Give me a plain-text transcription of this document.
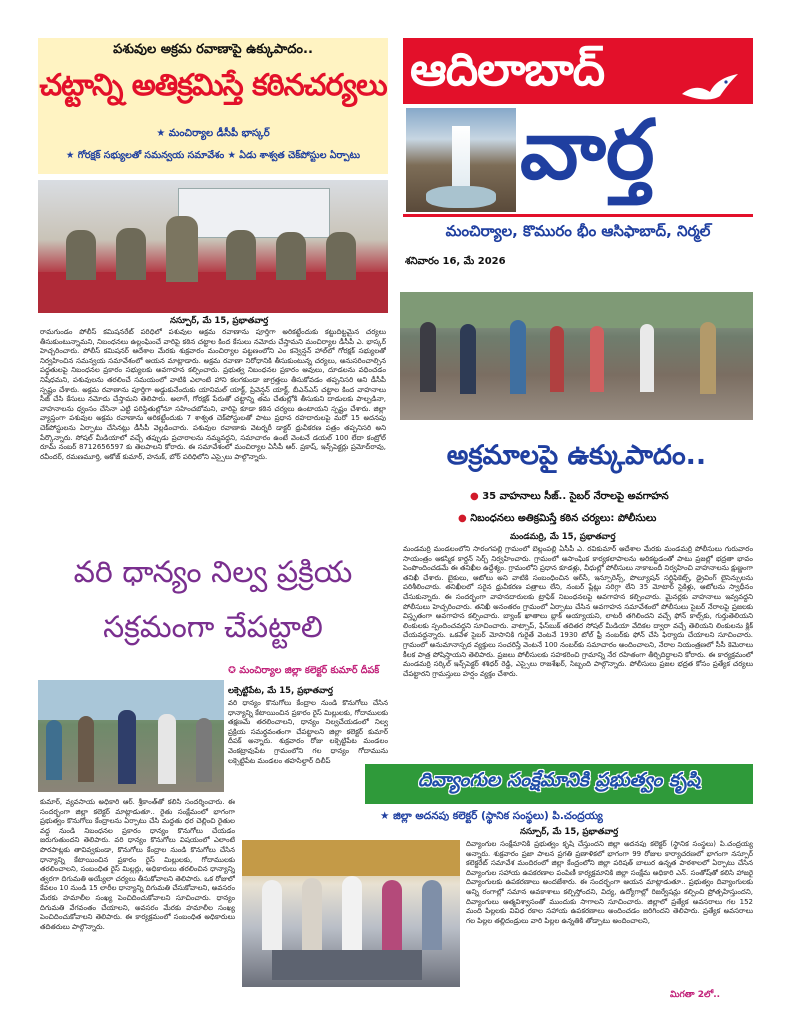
పశువుల అక్రమ రవాణాపై ఉక్కుపాదం..
చట్టాన్ని అతిక్రమిస్తే కఠినచర్యలు
★ మంచిర్యాల డీసీపీ భాస్కర్
★ గోరక్షక్ సభ్యులతో సమన్వయ సమావేశం ★ ఏడు శాశ్వత చెక్‌పోస్టుల ఏర్పాటు
నస్పూర్, మే 15, ప్రభాతవార్త
రామగుండం పోలీస్ కమిషనరేట్ పరిధిలో పశువుల అక్రమ రవాణాను పూర్తిగా అరికట్టేందుకు కట్టుదిట్టమైన చర్యలు తీసుకుంటున్నామని, నిబంధనలు ఉల్లంఘించే వారిపై కఠిన చట్టాల కింద కేసులు నమోదు చేస్తామని మంచిర్యాల డీసీపీ ఎ. భాస్కర్ హెచ్చరించారు. పోలీస్ కమిషనర్ ఆదేశాల మేరకు శుక్రవారం మంచిర్యాల పట్టణంలోని ఎం కన్వెన్షన్ హాల్‌లో గోరక్షక్ సభ్యులతో నిర్వహించిన సమన్వయ సమావేశంలో ఆయన మాట్లాడారు. అక్రమ రవాణా నిరోధానికి తీసుకుంటున్న చర్యలు, అనుసరించాల్సిన పద్ధతులపై నిబంధనల ప్రకారం సభ్యులకు అవగాహన కల్పించారు. ప్రభుత్వ నిబంధనల ప్రకారం ఆవులు, దూడలను వధించడం నిషేధమని, పశువులను తరలించే సమయంలో వాటికి ఎలాంటి హాని కలగకుండా జాగ్రత్తలు తీసుకోవడం తప్పనిసరి అని డీసీపీ స్పష్టం చేశారు. అక్రమ రవాణాను పూర్తిగా అడ్డుకునేందుకు యానిమల్ యాక్ట్, ప్రివెన్షన్ యాక్ట్, బీఎన్ఎస్ చట్టాల కింద వాహనాలు సీజ్ చేసి కేసులు నమోదు చేస్తామని తెలిపారు. అలాగే, గోరక్షక్ పేరుతో చట్టాన్ని తమ చేతుల్లోకి తీసుకుని దాడులకు పాల్పడినా, వాహనాలను ధ్వంసం చేసినా ఎట్టి పరిస్థితుల్లోనూ సహించబోమని, వారిపై కూడా కఠిన చర్యలు ఉంటాయని స్పష్టం చేశారు. జిల్లా వ్యాప్తంగా పశువుల అక్రమ రవాణాను అరికట్టేందుకు 7 శాశ్వత చెక్‌పోస్టులతో పాటు ప్రధాన రహదారులపై మరో 15 అదనపు చెక్‌పోస్టులను ఏర్పాటు చేసినట్లు డీసీపీ వెల్లడించారు. పశువుల రవాణాకు వెటర్నరీ డాక్టర్ ధ్రువీకరణ పత్రం తప్పనిసరి అని పేర్కొన్నారు. సోషల్ మీడియాలో వచ్చే తప్పుడు ప్రచారాలను నమ్మవద్దని, సమాచారం ఉంటే వెంటనే డయల్ 100 లేదా కంట్రోల్ రూమ్ నంబర్ 8712656597 కు తెలపాలని కోరారు. ఈ సమావేశంలో మంచిర్యాల ఏసీపీ ఆర్. ప్రకాష్, ఇన్స్‌పెక్టర్లు ప్రమోద్‌రావు, రవీందర్, రమణమూర్తి, ఆకోజ్ కుమార్, హనుక్, బోర్ పరిధిలోని ఎస్సైలు పాల్గొన్నారు.
ఆదిలాబాద్
వార్త
మంచిర్యాల, కొమురం భీం ఆసిఫాబాద్, నిర్మల్
శనివారం 16, మే 2026
అక్రమాలపై ఉక్కుపాదం..
● 35 వాహనాలు సీజ్.. సైబర్ నేరాలపై అవగాహన
● నిబంధనలు అతిక్రమిస్తే కఠిన చర్యలు: పోలీసులు
మండమర్రి, మే 15, ప్రభాతవార్త
మండమర్రి మండలంలోని సారంగపల్లి గ్రామంలో బెల్లంపల్లి ఏసీపీ ఎ. రవికుమార్ ఆదేశాల మేరకు మండమర్రి పోలీసులు గురువారం సాయంత్రం ఆకస్మిక కార్డన్ సెర్చ్ నిర్వహించారు. గ్రామంలో అసాంఘిక కార్యకలాపాలను అరికట్టడంతో పాటు ప్రజల్లో భద్రతా భావం పెంపొందించడమే ఈ తనిఖీల ఉద్దేశ్యం. గ్రామంలోని ప్రధాన కూడళ్లు, వీధుల్లో పోలీసులు నాకాబందీ నిర్వహించి వాహనాలను క్షుణ్ణంగా తనిఖీ చేశారు. బైకులు, ఆటోలు అని వాటికి సంబంధించిన ఆర్‌సీ, ఇన్సూరెన్స్, పొల్యూషన్ సర్టిఫికెట్స్, డ్రైవింగ్ లైసెన్సులను పరిశీలించారు. తనిఖీలలో సరైన ధ్రువీకరణ పత్రాలు లేని, నంబర్ ప్లేట్లు సరిగ్గా లేని 35 మోటార్ సైకిళ్లు, ఆటోలను స్వాధీనం చేసుకున్నారు. ఈ సందర్భంగా వాహనదారులకు ట్రాఫిక్ నిబంధనలపై అవగాహన కల్పించారు. మైనర్లకు వాహనాలు ఇవ్వవద్దని పోలీసులు హెచ్చరించారు. తనిఖీ అనంతరం గ్రామంలో ఏర్పాటు చేసిన అవగాహన సమావేశంలో పోలీసులు సైబర్ నేరాలపై ప్రజలకు విస్తృతంగా అవగాహన కల్పించారు. బ్యాంక్ ఖాతాలు బ్లాక్ అయ్యాయని, లాటరీ తగిలిందని వచ్చే ఫోన్ కాల్స్‌కు, గుర్తుతెలియని లింకులకు స్పందించవద్దని సూచించారు. వాట్సాప్, ఫేస్‌బుక్ తదితర సోషల్ మీడియా వేదికల ద్వారా వచ్చే తెలియని లింకులను క్లిక్ చేయవద్దన్నారు. ఒకవేళ సైబర్ మోసానికి గురైతే వెంటనే 1930 టోల్ ఫ్రీ నంబర్‌కు ఫోన్ చేసి ఫిర్యాదు చేయాలని సూచించారు. గ్రామంలో అనుమానాస్పద వ్యక్తులు సంచరిస్తే వెంటనే 100 నంబర్‌కు సమాచారం అందించాలని, నేరాల నియంత్రణలో సీసీ కెమెరాలు కీలక పాత్ర పోషిస్తాయని తెలిపారు. ప్రజలు పోలీసులకు సహకరించి గ్రామాన్ని నేర రహితంగా తీర్చిదిద్దాలని కోరారు. ఈ కార్యక్రమంలో మండమర్రి సర్కిల్ ఇన్స్‌పెక్టర్ శశిధర్ రెడ్డి, ఎస్సైలు రాజశేఖర్, సిబ్బంది పాల్గొన్నారు. పోలీసులు ప్రజల భద్రత కోసం ప్రత్యేక చర్యలు చేపట్టారని గ్రామస్తులు హర్షం వ్యక్తం చేశారు.
వరి ధాన్యం నిల్వ ప్రక్రియ
సక్రమంగా చేపట్టాలి
✪ మంచిర్యాల జిల్లా కలెక్టర్ కుమార్ దీపక్
లక్సెట్టిపేట, మే 15, ప్రభాతవార్త
వరి ధాన్యం కొనుగోలు కేంద్రాల నుండి కొనుగోలు చేసిన ధాన్యాన్ని కేటాయించిన ప్రకారం రైస్ మిల్లులకు, గోదాములకు తక్షణమే తరలించాలని, ధాన్యం నిల్వచేయడంలో నిల్వ ప్రక్రియ సమర్థవంతంగా చేపట్టాలని జిల్లా కలెక్టర్ కుమార్ దీపక్ అన్నారు. శుక్రవారం రోజు లక్సెట్టిపేట మండలం వెంకట్రావుపేట గ్రామంలోని గల ధాన్యం గోదామును లక్సెట్టిపేట మండలం తహసిల్దార్ దిలీప్
కుమార్, వ్యవసాయ అధికారి ఆర్. శ్రీకాంత్‌తో కలిసి సందర్శించారు. ఈ సందర్భంగా జిల్లా కలెక్టర్ మాట్లాడుతూ.. రైతు సంక్షేమంలో భాగంగా ప్రభుత్వం కొనుగోలు కేంద్రాలను ఏర్పాటు చేసి మద్దతు ధర చెల్లించి రైతుల వద్ద నుండి నిబంధనల ప్రకారం ధాన్యం కొనుగోలు చేయడం జరుగుతుందని తెలిపారు. వరి ధాన్యం కొనుగోలు విషయంలో ఎలాంటి పొరపాట్లకు తావివ్వకుండా, కొనుగోలు కేంద్రాల నుండి కొనుగోలు చేసిన ధాన్యాన్ని కేటాయించిన ప్రకారం రైస్ మిల్లులకు, గోదాములకు తరలించాలని, సంబంధిత రైస్ మిల్లర్లు, అధికారులు తరలించిన ధాన్యాన్ని త్వరగా దిగుమతి అయ్యేలా చర్యలు తీసుకోవాలని తెలిపారు. ఒక రోజులో కేవలం 10 నుండి 15 లారీల ధాన్యాన్ని దిగుమతి చేసుకోవాలని, అవసరం మేరకు హమాలీల సంఖ్య పెంచిదించుకోవాలని సూచించారు. ధాన్యం దిగుమతి వేగవంతం చేయాలని, అవసరం మేరకు హమాలీల సంఖ్య పెంచిదించుకోవాలని తెలిపారు. ఈ కార్యక్రమంలో సంబంధిత అధికారులు తదితరులు పాల్గొన్నారు.
దివ్యాంగుల సంక్షేమానికి ప్రభుత్వం కృషి
★ జిల్లా అదనపు కలెక్టర్ (స్థానిక సంస్థలు) పి.చంద్రయ్య
నస్పూర్, మే 15, ప్రభాతవార్త
దివ్యాంగుల సంక్షేమానికి ప్రభుత్వం కృషి చేస్తుందని జిల్లా అదనపు కలెక్టర్ (స్థానిక సంస్థలు) పి.చంద్రయ్య అన్నారు. శుక్రవారం ప్రజా పాలన ప్రగతి ప్రణాళికలో భాగంగా 99 రోజుల కార్యాచరణలో భాగంగా నస్పూర్ కలెక్టరేట్ సమావేశ మందిరంలో జిల్లా కేంద్రంలోని జిల్లా పరిషత్ బాలుర ఉన్నత పాఠశాలలో ఏర్పాటు చేసిన దివ్యాంగుల సహాయ ఉపకరణాల పంపిణీ కార్యక్రమానికి జిల్లా సంక్షేమ అధికారి ఎన్. సంతోష్‌తో కలిసి హాజరై దివ్యాంగులకు ఉపకరణాలు అందజేశారు. ఈ సందర్భంగా ఆయన మాట్లాడుతూ.. ప్రభుత్వం దివ్యాంగులకు అన్ని రంగాల్లో సమాన అవకాశాలు కల్పిస్తోందని, విద్య, ఉద్యోగాల్లో రిజర్వేషన్లు కల్పించి ప్రోత్సహిస్తుందని, దివ్యాంగులు ఆత్మవిశ్వాసంతో ముందుకు సాగాలని సూచించారు. జిల్లాలో ప్రత్యేక అవసరాలు గల 152 మంది పిల్లలకు వివిధ రకాల సహాయ ఉపకరణాలు అందించడం జరిగిందని తెలిపారు. ప్రత్యేక అవసరాలు గల పిల్లల తల్లిదండ్రులు వారి పిల్లల ఉన్నతికి తోడ్పాటు అందించాలని,
మిగతా 2లో..
